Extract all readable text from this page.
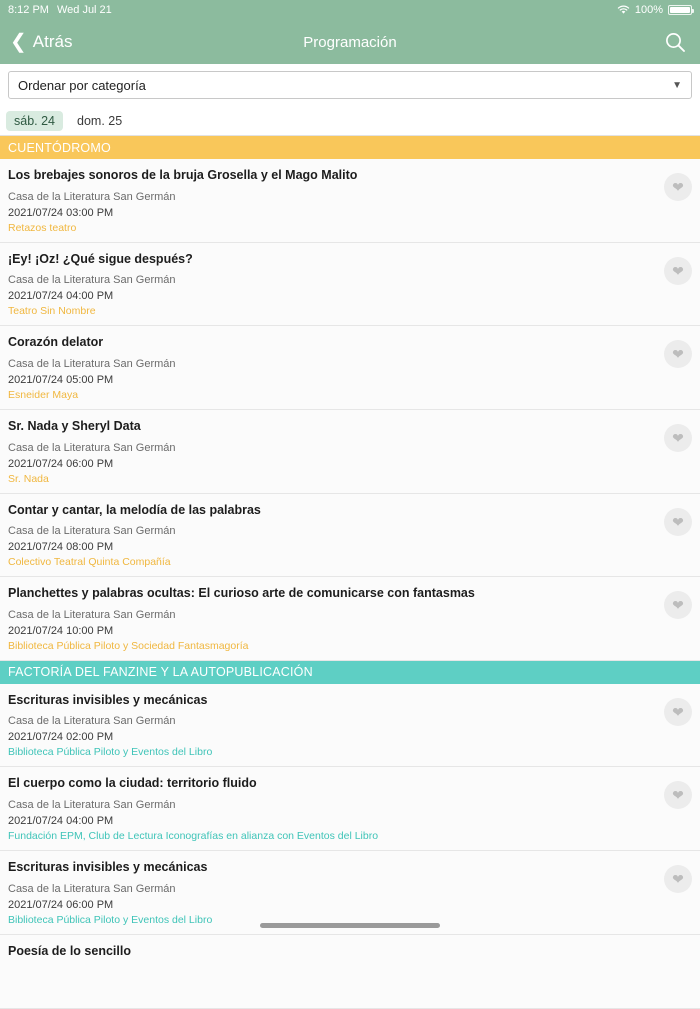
8:12 PM Wed Jul 21	100%
❮ Atrás	Programación
Ordenar por categoría	▼
sáb. 24	dom. 25
CUENTÓDROMO
Los brebajes sonoros de la bruja Grosella y el Mago Malito
Casa de la Literatura San Germán
2021/07/24 03:00 PM
Retazos teatro
❤
¡Ey! ¡Oz! ¿Qué sigue después?
Casa de la Literatura San Germán
2021/07/24 04:00 PM
Teatro Sin Nombre
❤
Corazón delator
Casa de la Literatura San Germán
2021/07/24 05:00 PM
Esneider Maya
❤
Sr. Nada y Sheryl Data
Casa de la Literatura San Germán
2021/07/24 06:00 PM
Sr. Nada
❤
Contar y cantar, la melodía de las palabras
Casa de la Literatura San Germán
2021/07/24 08:00 PM
Colectivo Teatral Quinta Compañía
❤
Planchettes y palabras ocultas: El curioso arte de comunicarse con fantasmas
Casa de la Literatura San Germán
2021/07/24 10:00 PM
Biblioteca Pública Piloto y Sociedad Fantasmagoría
❤
FACTORÍA DEL FANZINE Y LA AUTOPUBLICACIÓN
Escrituras invisibles y mecánicas
Casa de la Literatura San Germán
2021/07/24 02:00 PM
Biblioteca Pública Piloto y Eventos del Libro
❤
El cuerpo como la ciudad: territorio fluido
Casa de la Literatura San Germán
2021/07/24 04:00 PM
Fundación EPM, Club de Lectura Iconografías en alianza con Eventos del Libro
❤
Escrituras invisibles y mecánicas
Casa de la Literatura San Germán
2021/07/24 06:00 PM
Biblioteca Pública Piloto y Eventos del Libro
❤
Poesía de lo sencillo
